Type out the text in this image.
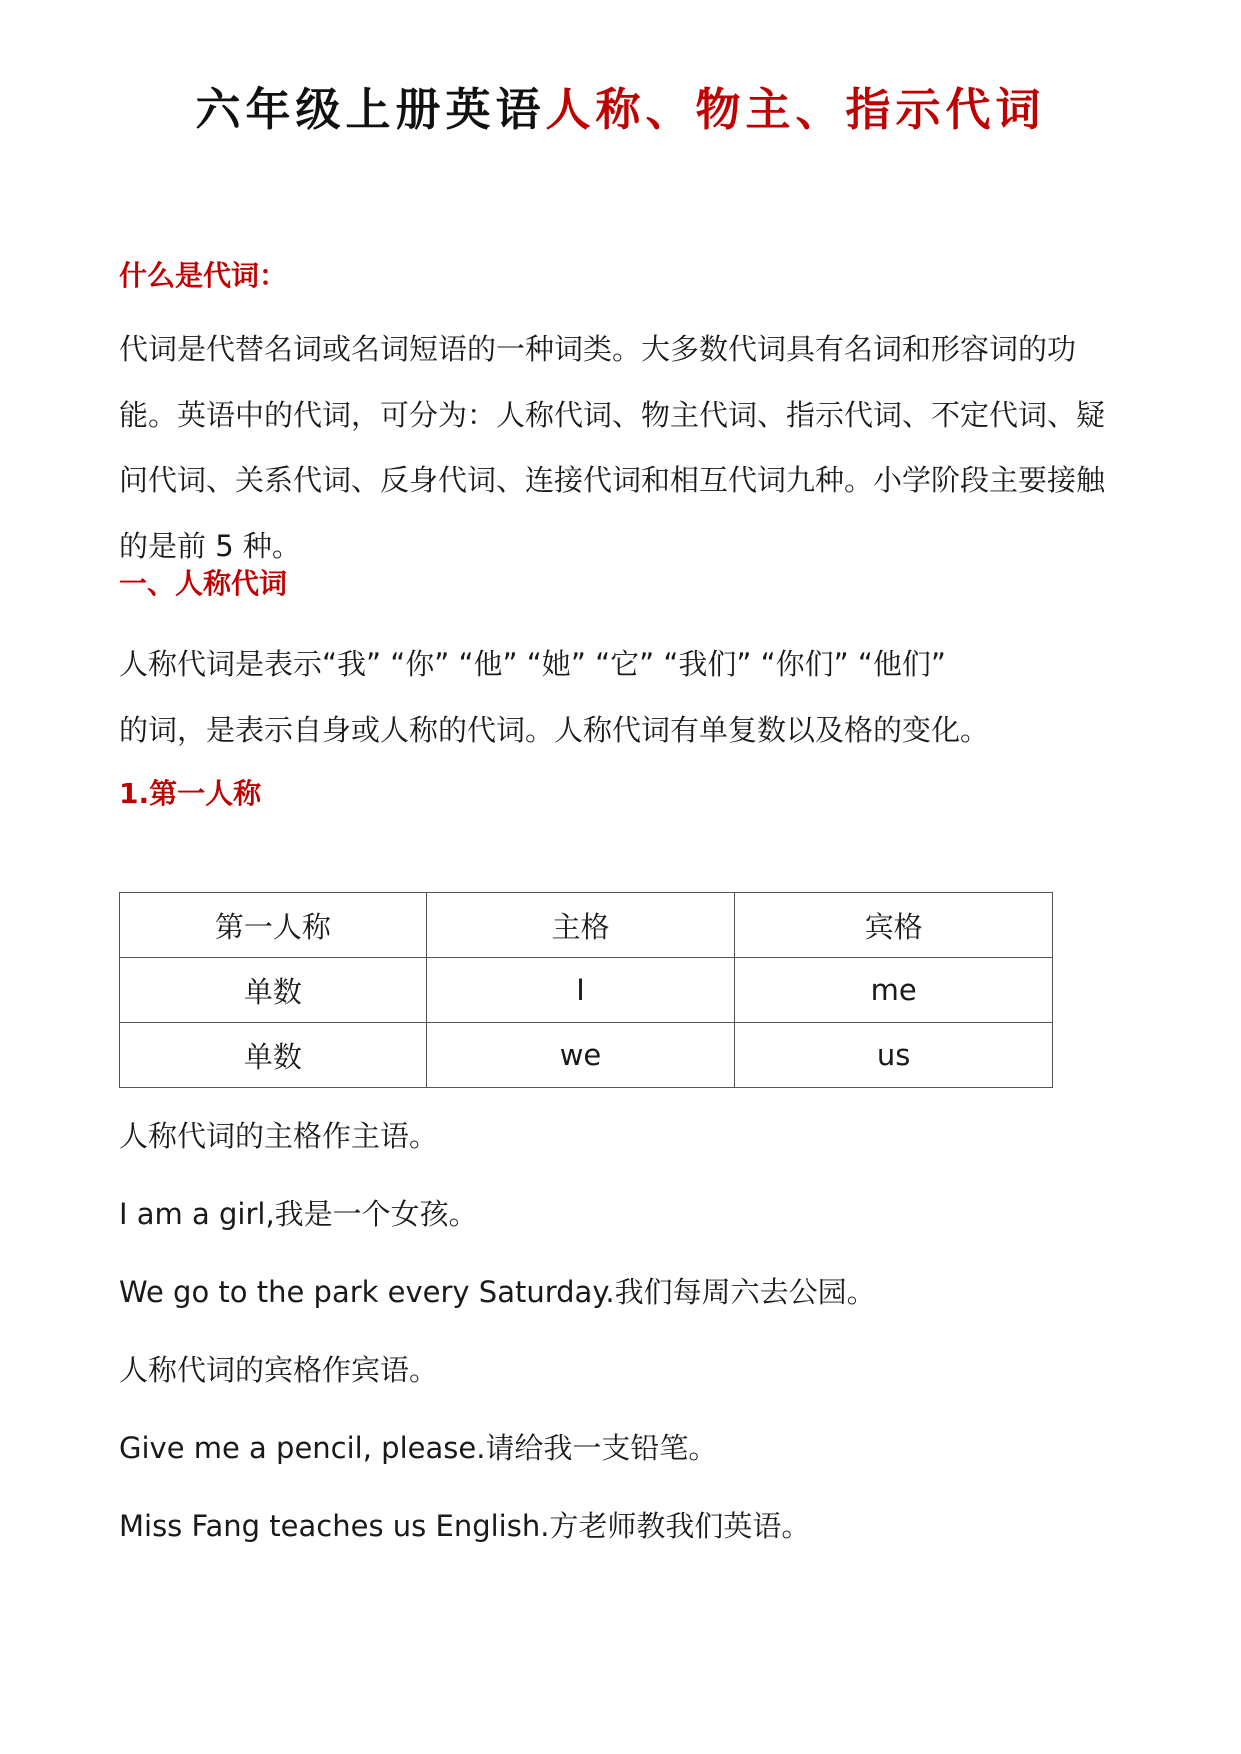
六年级上册英语人称、物主、指示代词
什么是代词：
代词是代替名词或名词短语的一种词类。大多数代词具有名词和形容词的功能。英语中的代词，可分为：人称代词、物主代词、指示代词、不定代词、疑问代词、关系代词、反身代词、连接代词和相互代词九种。小学阶段主要接触的是前 5 种。
一、人称代词
人称代词是表示“我” “你” “他” “她” “它” “我们” “你们” “他们”
的词，是表示自身或人称的代词。人称代词有单复数以及格的变化。
1.第一人称
第一人称	主格	宾格
单数	I	me
单数	we	us
人称代词的主格作主语。
I am a girl,我是一个女孩。
We go to the park every Saturday.我们每周六去公园。
人称代词的宾格作宾语。
Give me a pencil, please.请给我一支铅笔。
Miss Fang teaches us English.方老师教我们英语。
